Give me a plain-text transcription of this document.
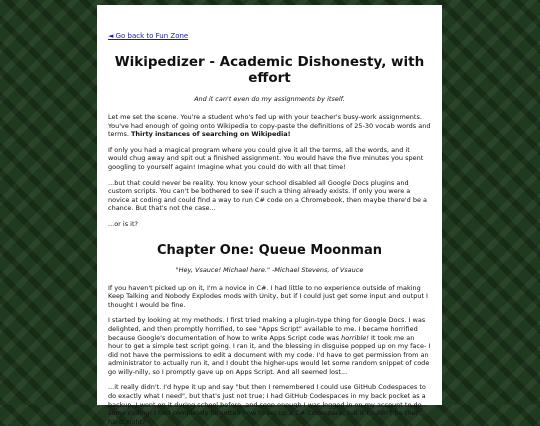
◄ Go back to Fun Zone
Wikipedizer - Academic Dishonesty, with effort
And it can't even do my assignments by itself.

Let me set the scene. You're a student who's fed up with your teacher's busy-work assignments. You've had enough of going onto Wikipedia to copy-paste the definitions of 25-30 vocab words and terms. Thirty instances of searching on Wikipedia!

If only you had a magical program where you could give it all the terms, all the words, and it would chug away and spit out a finished assignment. You would have the five minutes you spent googling to yourself again! Imagine what you could do with all that time!

...but that could never be reality. You know your school disabled all Google Docs plugins and custom scripts. You can't be bothered to see if such a thing already exists. If only you were a novice at coding and could find a way to run C# code on a Chromebook, then maybe there'd be a chance. But that's not the case...

...or is it?

Chapter One: Queue Moonman
"Hey, Vsauce! Michael here." -Michael Stevens, of Vsauce

If you haven't picked up on it, I'm a novice in C#. I had little to no experience outside of making Keep Talking and Nobody Explodes mods with Unity, but if I could just get some input and output I thought I would be fine.

I started by looking at my methods. I first tried making a plugin-type thing for Google Docs. I was delighted, and then promptly horrified, to see "Apps Script" available to me. I became horrified because Google's documentation of how to write Apps Script code was horrible! It took me an hour to get a simple test script going. I ran it, and the blessing in disguise popped up on my face- I did not have the permissions to edit a document with my code. I'd have to get permission from an administrator to actually run it, and I doubt the higher-ups would let some random snippet of code go willy-nilly, so I promptly gave up on Apps Script. And all seemed lost...

...it really didn't. I'd hype it up and say "but then I remembered I could use GitHub Codespaces to do exactly what I need", but that's just not true; I had GitHub Codespaces in my back pocket as a backup. I went on it during school before, and soon enough I was logged in on my account to do some coding! I had completely forgotten how to set up a C# Codespace, but it couldn't be that hard, right?
